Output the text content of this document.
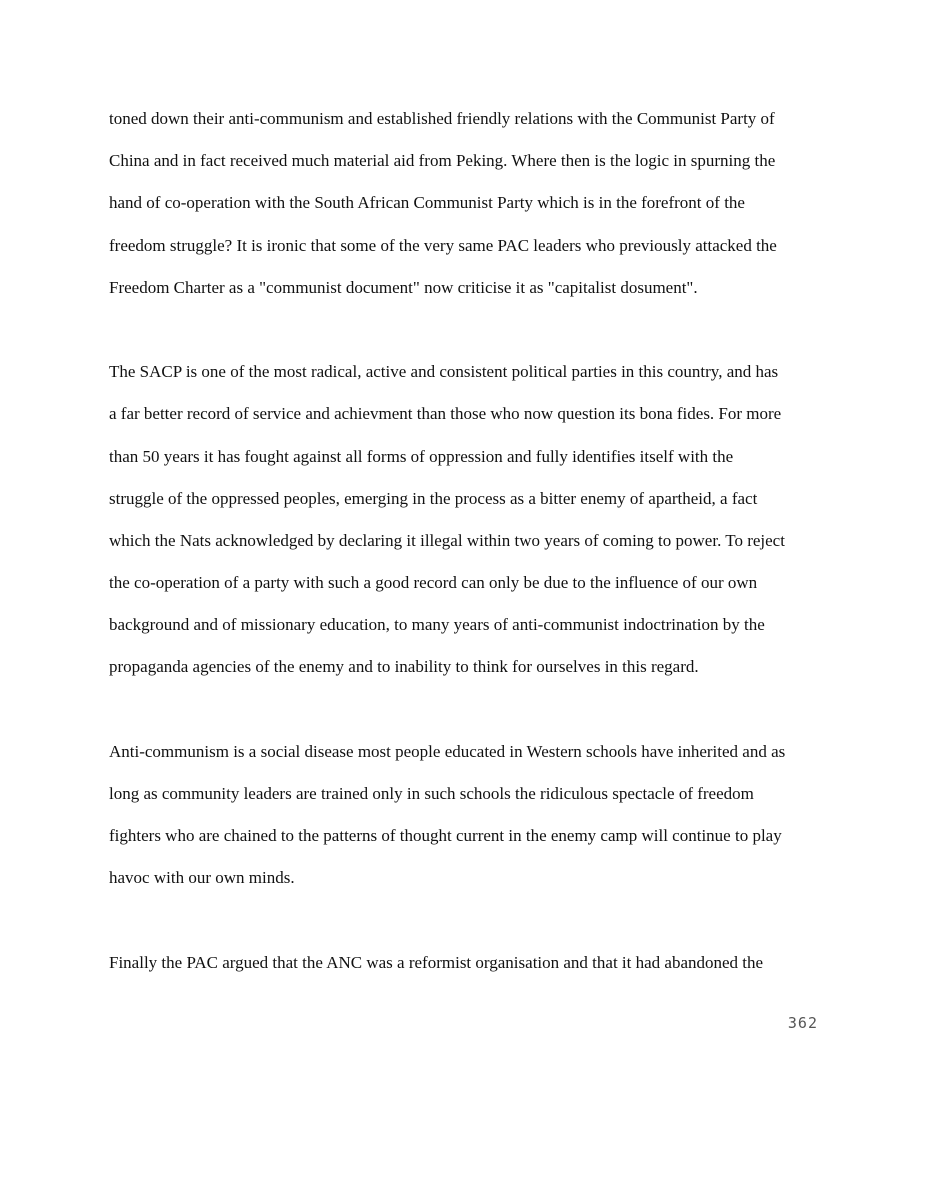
toned down their anti-communism and established friendly relations with the Communist Party of
China and in fact received much material aid from Peking. Where then is the logic in spurning the
hand of co-operation with the South African Communist Party which is in the forefront of the
freedom struggle? It is ironic that some of the very same PAC leaders who previously attacked the
Freedom Charter as a "communist document" now criticise it as "capitalist dosument".
The SACP is one of the most radical, active and consistent political parties in this country, and has
a far better record of service and achievment than those who now question its bona fides. For more
than 50 years it has fought against all forms of oppression and fully identifies itself with the
struggle of the oppressed peoples, emerging in the process as a bitter enemy of apartheid, a fact
which the Nats acknowledged by declaring it illegal within two years of coming to power. To reject
the co-operation of a party with such a good record can only be due to the influence of our own
background and of missionary education, to many years of anti-communist indoctrination by the
propaganda agencies of the enemy and to inability to think for ourselves in this regard.
Anti-communism is a social disease most people educated in Western schools have inherited and as
long as community leaders are trained only in such schools the ridiculous spectacle of freedom
fighters who are chained to the patterns of thought current in the enemy camp will continue to play
havoc with our own minds.
Finally the PAC argued that the ANC was a reformist organisation and that it had abandoned the
362
